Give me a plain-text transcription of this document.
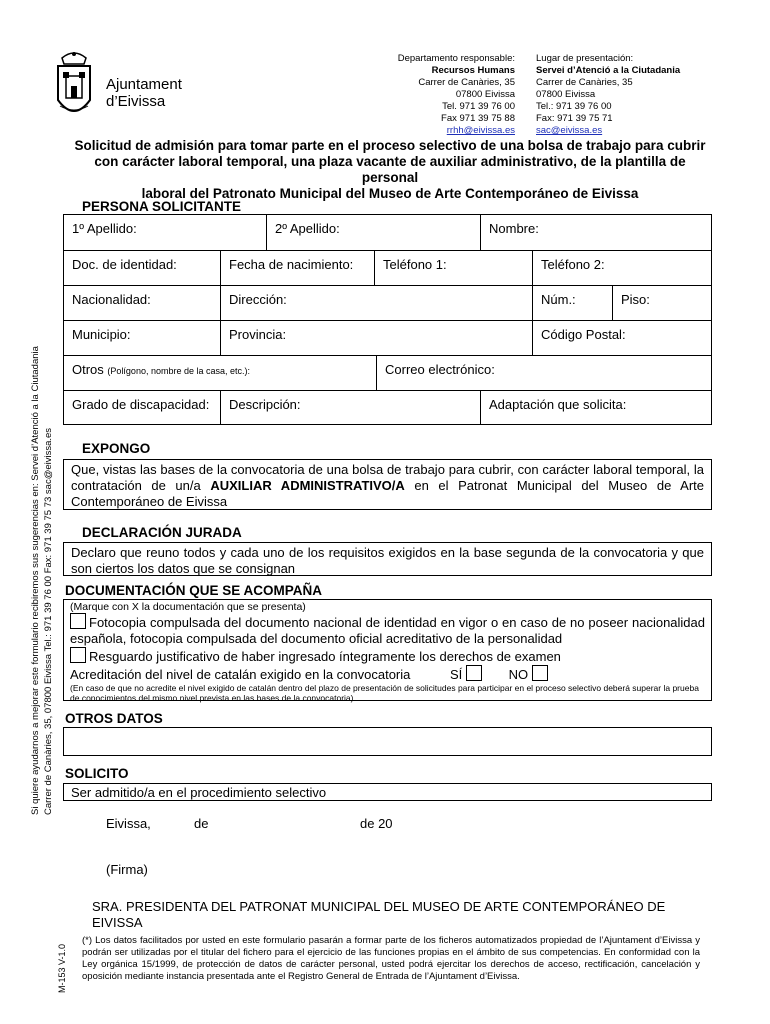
Ajuntament
d’Eivissa
Departamento responsable:
Recursos Humans
Carrer de Canàries, 35
07800 Eivissa
Tel. 971 39 76 00
Fax 971 39 75 88
rrhh@eivissa.es
Lugar de presentación:
Servei d’Atenció a la Ciutadania
Carrer de Canàries, 35
07800 Eivissa
Tel.: 971 39 76 00
Fax: 971 39 75 71
sac@eivissa.es
Solicitud de admisión para tomar parte en el proceso selectivo de una bolsa de trabajo para cubrir
con carácter laboral temporal, una plaza vacante de auxiliar administrativo, de la plantilla de personal
laboral del Patronato Municipal del Museo de Arte Contemporáneo de Eivissa
Si quiere ayudarnos a mejorar este formulario recibiremos sus sugerencias en: Servei d’Atenció a la Ciutadania Carrer de Canàries, 35, 07800 Eivissa Tel.: 971 39 76 00 Fax: 971 39 75 73 sac@eivissa.es
M-153 V-1.0
PERSONA SOLICITANTE
1º Apellido:	2º Apellido:	Nombre:
Doc. de identidad:	Fecha de nacimiento:	Teléfono 1:	Teléfono 2:
Nacionalidad:	Dirección:	Núm.:	Piso:
Municipio:	Provincia:	Código Postal:
Otros (Polígono, nombre de la casa, etc.):	Correo electrónico:
Grado de discapacidad:	Descripción:	Adaptación que solicita:
EXPONGO
Que, vistas las bases de la convocatoria de una bolsa de trabajo para cubrir, con carácter laboral temporal, la contratación de un/a AUXILIAR ADMINISTRATIVO/A en el Patronat Municipal del Museo de Arte Contemporáneo de Eivissa
DECLARACIÓN JURADA
Declaro que reuno todos y cada uno de los requisitos exigidos en la base segunda de la convocatoria y que son ciertos los datos que se consignan
DOCUMENTACIÓN QUE SE ACOMPAÑA
(Marque con X la documentación que se presenta)
Fotocopia compulsada del documento nacional de identidad en vigor o en caso de no poseer nacionalidad española, fotocopia compulsada del documento oficial acreditativo de la personalidad
Resguardo justificativo de haber ingresado íntegramente los derechos de examen
Acreditación del nivel de catalán exigido en la convocatoria	SÍ	NO
(En caso de que no acredite el nivel exigido de catalán dentro del plazo de presentación de solicitudes para participar en el proceso selectivo deberá superar la prueba de conocimientos del mismo nivel prevista en las bases de la convocatoria)
OTROS DATOS
SOLICITO
Ser admitido/a en el procedimiento selectivo
Eivissa,	de	de 20
(Firma)
SRA. PRESIDENTA DEL PATRONAT MUNICIPAL DEL MUSEO DE ARTE CONTEMPORÁNEO DE EIVISSA
(*) Los datos facilitados por usted en este formulario pasarán a formar parte de los ficheros automatizados propiedad de l’Ajuntament d’Eivissa y podrán ser utilizadas por el titular del fichero para el ejercicio de las funciones propias en el ámbito de sus competencias. En conformidad con la Ley orgánica 15/1999, de protección de datos de carácter personal, usted podrá ejercitar los derechos de acceso, rectificación, cancelación y oposición mediante instancia presentada ante el Registro General de Entrada de l’Ajuntament d’Eivissa.
